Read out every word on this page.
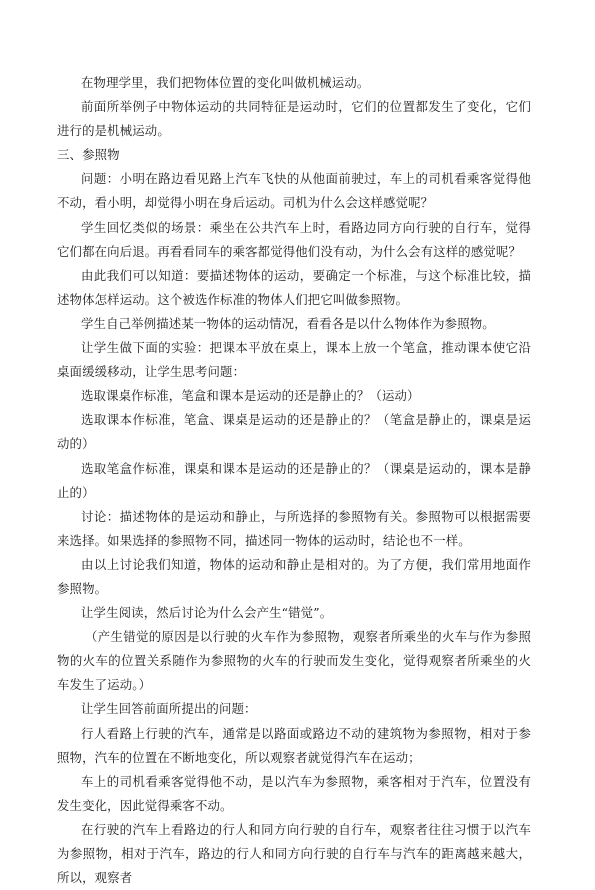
在物理学里，我们把物体位置的变化叫做机械运动。

前面所举例子中物体运动的共同特征是运动时，它们的位置都发生了变化，它们进行的是机械运动。

三、参照物

问题：小明在路边看见路上汽车飞快的从他面前驶过，车上的司机看乘客觉得他不动，看小明，却觉得小明在身后运动。司机为什么会这样感觉呢？

学生回忆类似的场景：乘坐在公共汽车上时，看路边同方向行驶的自行车，觉得它们都在向后退。再看看同车的乘客都觉得他们没有动，为什么会有这样的感觉呢？

由此我们可以知道：要描述物体的运动，要确定一个标准，与这个标准比较，描述物体怎样运动。这个被选作标准的物体人们把它叫做参照物。

学生自己举例描述某一物体的运动情况，看看各是以什么物体作为参照物。

让学生做下面的实验：把课本平放在桌上，课本上放一个笔盒，推动课本使它沿桌面缓缓移动，让学生思考问题：

选取课桌作标准，笔盒和课本是运动的还是静止的？（运动）

选取课本作标准，笔盒、课桌是运动的还是静止的？（笔盒是静止的，课桌是运动的）

选取笔盒作标准，课桌和课本是运动的还是静止的？（课桌是运动的，课本是静止的）

讨论：描述物体的是运动和静止，与所选择的参照物有关。参照物可以根据需要来选择。如果选择的参照物不同，描述同一物体的运动时，结论也不一样。

由以上讨论我们知道，物体的运动和静止是相对的。为了方便，我们常用地面作参照物。

让学生阅读，然后讨论为什么会产生“错觉”。

（产生错觉的原因是以行驶的火车作为参照物，观察者所乘坐的火车与作为参照物的火车的位置关系随作为参照物的火车的行驶而发生变化，觉得观察者所乘坐的火车发生了运动。）

让学生回答前面所提出的问题：

行人看路上行驶的汽车，通常是以路面或路边不动的建筑物为参照物，相对于参照物，汽车的位置在不断地变化，所以观察者就觉得汽车在运动；

车上的司机看乘客觉得他不动，是以汽车为参照物，乘客相对于汽车，位置没有发生变化，因此觉得乘客不动。

在行驶的汽车上看路边的行人和同方向行驶的自行车，观察者往往习惯于以汽车为参照物，相对于汽车，路边的行人和同方向行驶的自行车与汽车的距离越来越大，所以，观察者
